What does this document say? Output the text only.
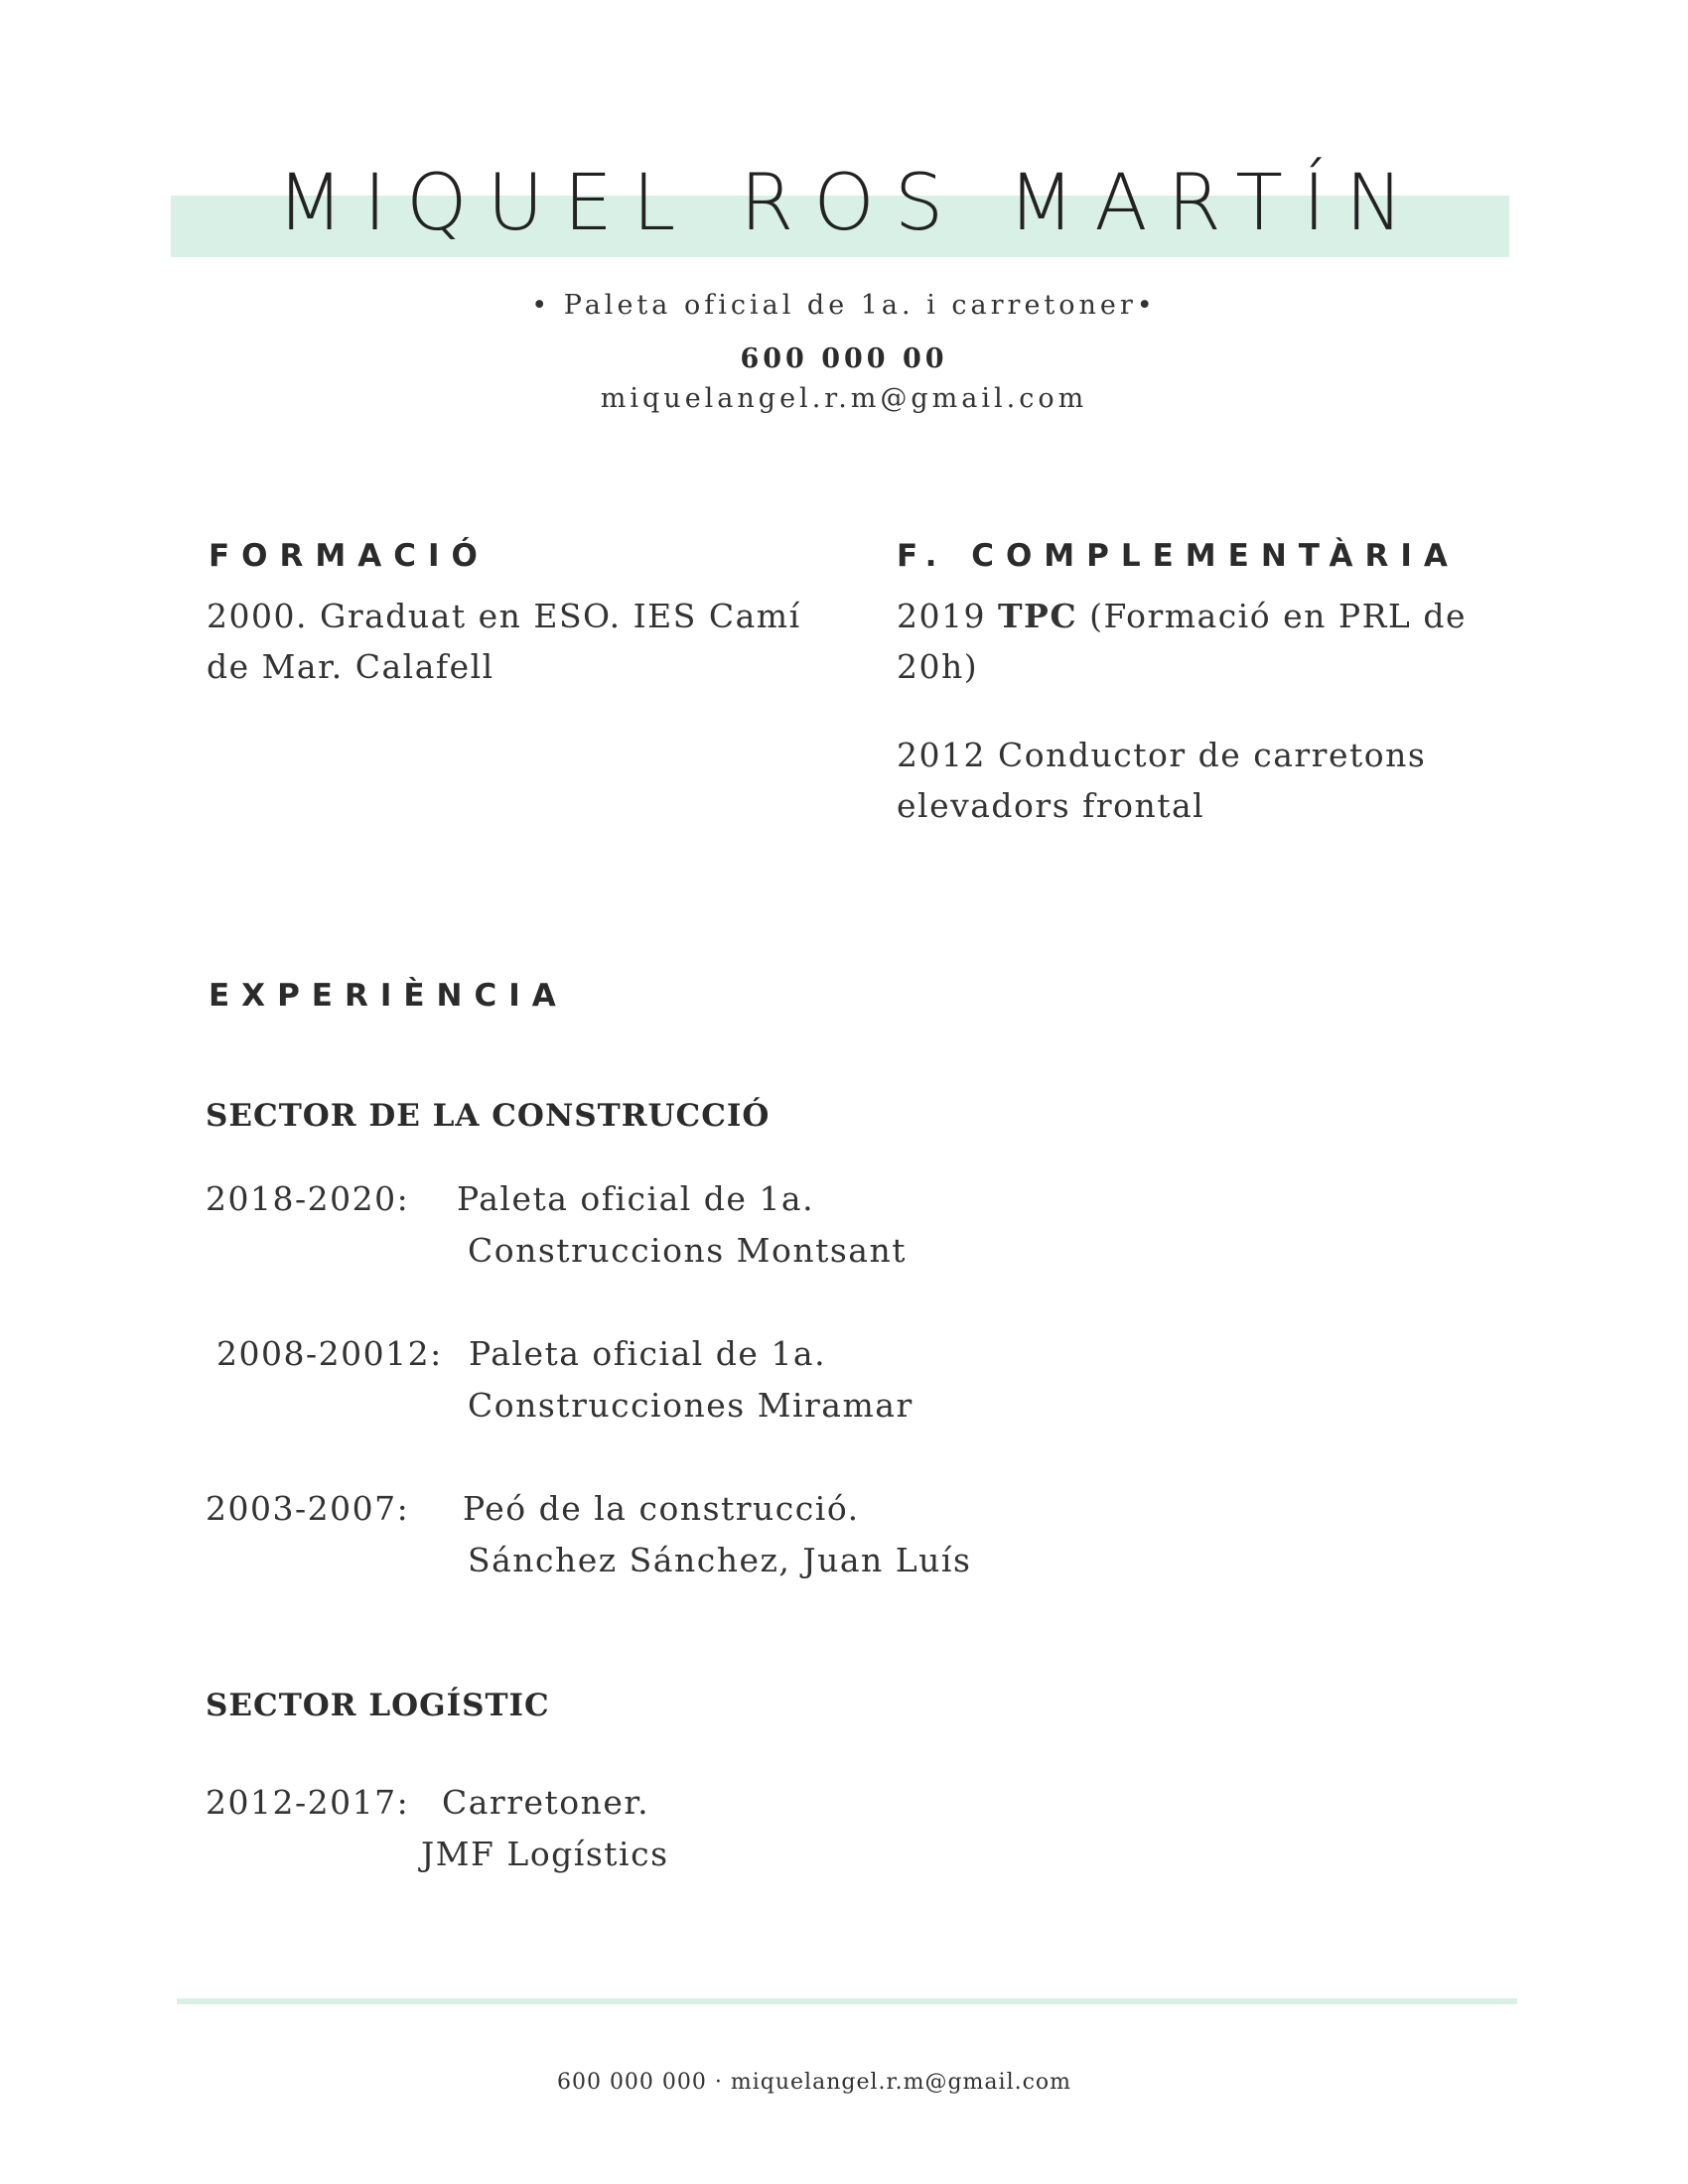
MIQUEL ROS MARTÍN
• Paleta oficial de 1a. i carretoner•
600 000 00
miquelangel.r.m@gmail.com
FORMACIÓ
2000. Graduat en ESO. IES Camí
de Mar. Calafell
F. COMPLEMENTÀRIA
2019 TPC (Formació en PRL de
20h)
2012 Conductor de carretons
elevadors frontal
EXPERIÈNCIA
SECTOR DE LA CONSTRUCCIÓ
2018-2020: Paleta oficial de 1a.
Construccions Montsant
2008-20012: Paleta oficial de 1a.
Construcciones Miramar
2003-2007: Peó de la construcció.
Sánchez Sánchez, Juan Luís
SECTOR LOGÍSTIC
2012-2017: Carretoner.
JMF Logístics
600 000 000 · miquelangel.r.m@gmail.com
